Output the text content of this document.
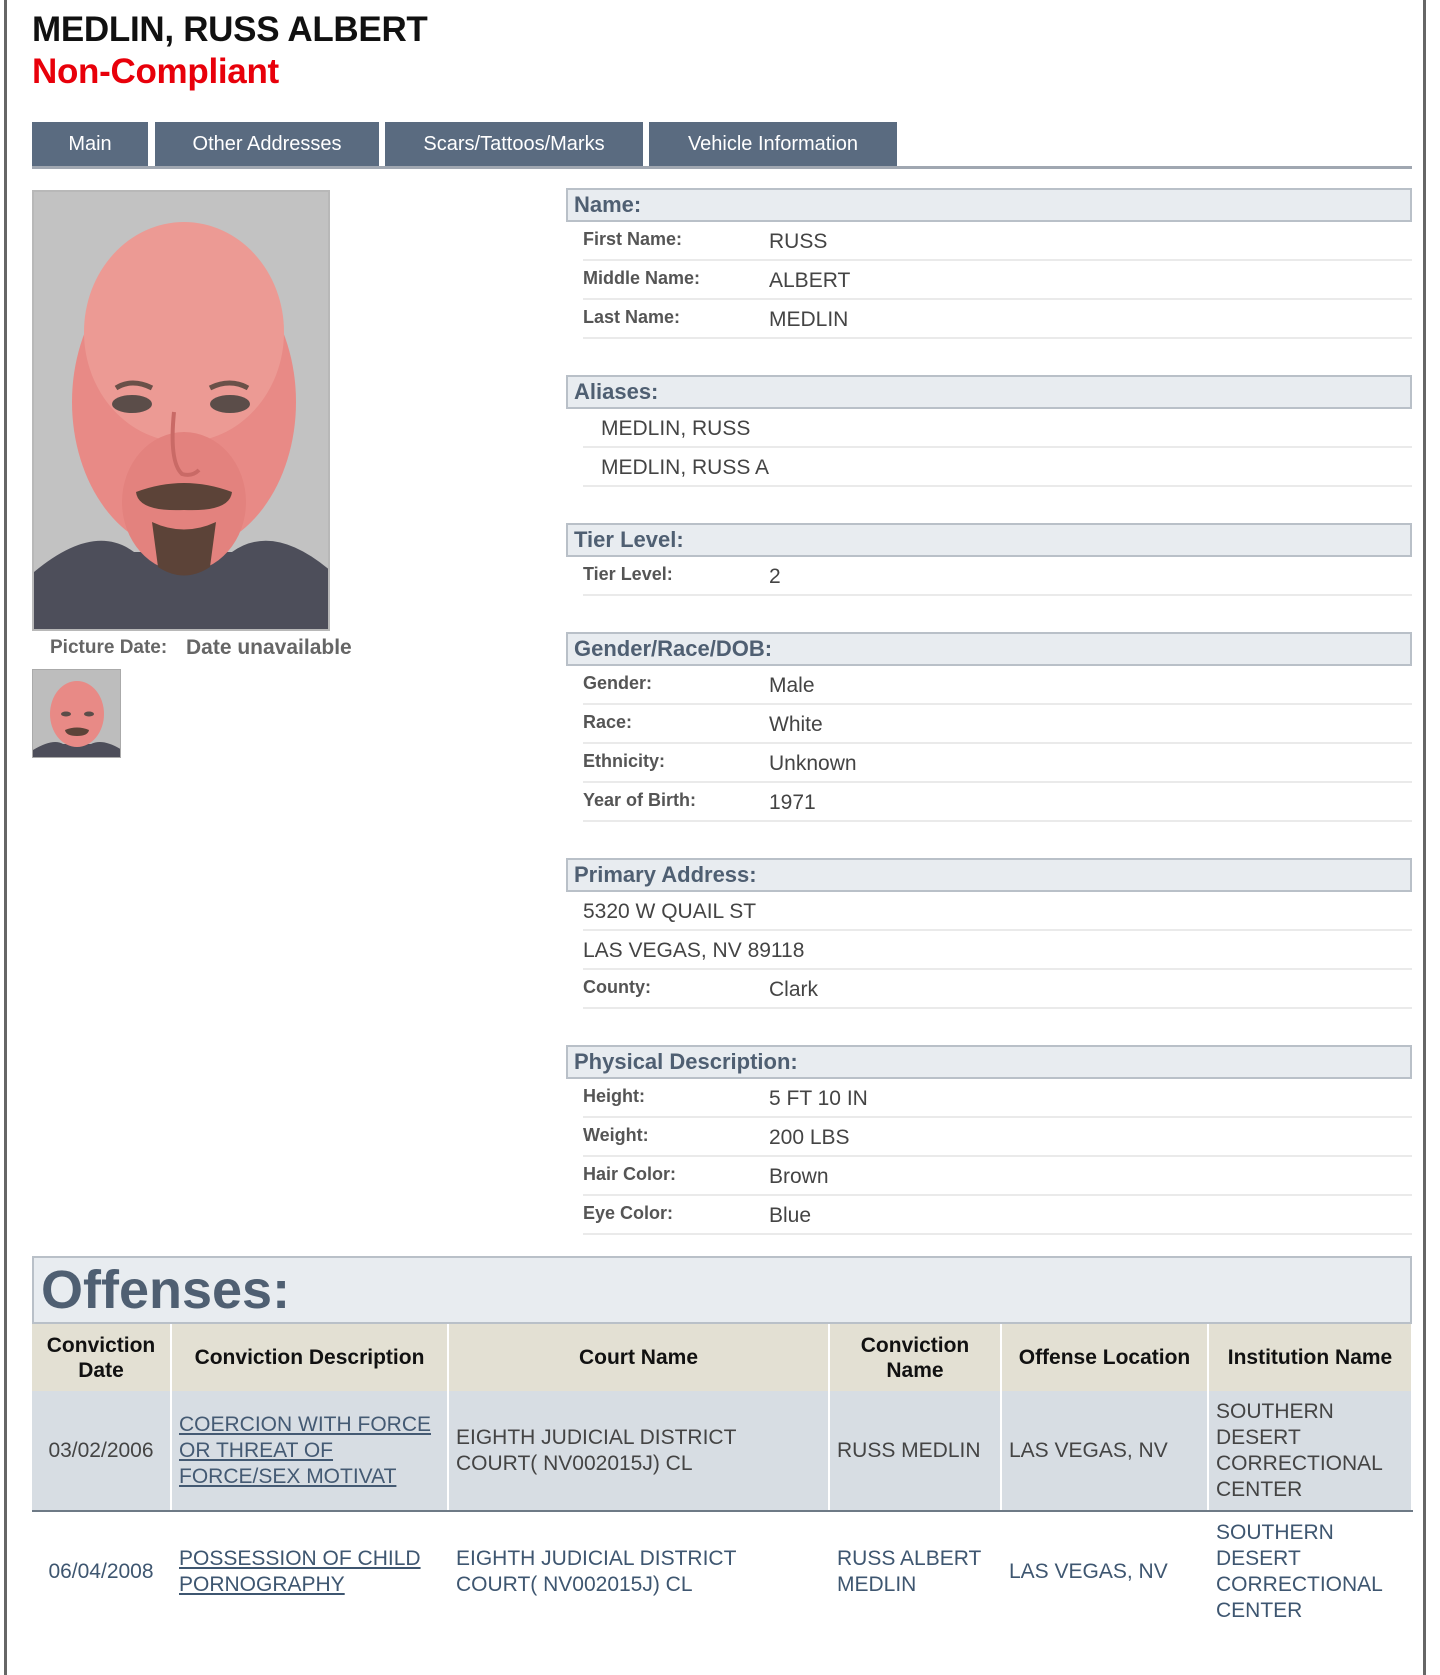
MEDLIN, RUSS ALBERT
Non-Compliant
Main	Other Addresses	Scars/Tattoos/Marks	Vehicle Information
Picture Date: Date unavailable
Name:
First Name:	RUSS
Middle Name:	ALBERT
Last Name:	MEDLIN
Aliases:
MEDLIN, RUSS
MEDLIN, RUSS A
Tier Level:
Tier Level:	2
Gender/Race/DOB:
Gender:	Male
Race:	White
Ethnicity:	Unknown
Year of Birth:	1971
Primary Address:
5320 W QUAIL ST
LAS VEGAS, NV 89118
County:	Clark
Physical Description:
Height:	5 FT 10 IN
Weight:	200 LBS
Hair Color:	Brown
Eye Color:	Blue
Offenses:
Conviction Date	Conviction Description	Court Name	Conviction Name	Offense Location	Institution Name
03/02/2006	COERCION WITH FORCE OR THREAT OF FORCE/SEX MOTIVAT	EIGHTH JUDICIAL DISTRICT COURT( NV002015J) CL	RUSS MEDLIN	LAS VEGAS, NV	SOUTHERN DESERT CORRECTIONAL CENTER
06/04/2008	POSSESSION OF CHILD PORNOGRAPHY	EIGHTH JUDICIAL DISTRICT COURT( NV002015J) CL	RUSS ALBERT MEDLIN	LAS VEGAS, NV	SOUTHERN DESERT CORRECTIONAL CENTER
